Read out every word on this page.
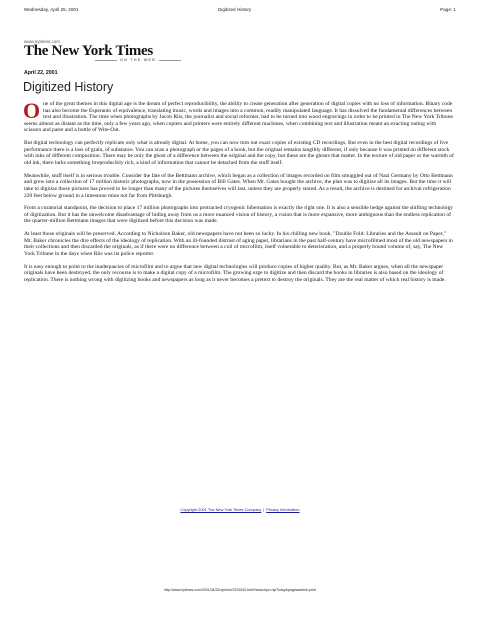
Wednesday, April 25, 2001	Digitized History	Page: 1
www.nytimes.com
The New York Times
ON THE WEB
April 22, 2001
Digitized History

One of the great themes in this digital age is the dream of perfect reproducibility, the ability to create generation after generation of digital copies with no loss of information. Binary code has also become the Esperanto of equivalence, translating music, words and images into a common, readily manipulated language. It has dissolved the fundamental differences between text and illustration. The time when photographs by Jacob Riis, the journalist and social reformer, had to be turned into wood engravings in order to be printed in The New York Tribune seems almost as distant as the time, only a few years ago, when copiers and printers were entirely different machines, when combining text and illustration meant an exacting outing with scissors and paste and a bottle of Wite-Out.

But digital technology can perfectly replicate only what is already digital. At home, you can now turn out exact copies of existing CD recordings. But even in the best digital recordings of live performance there is a loss of grain, of substance. You can scan a photograph or the pages of a book, but the original remains tangibly different, if only because it was printed on different stock with inks of different composition. There may be only the ghost of a difference between the original and the copy, but these are the ghosts that matter. In the texture of old paper or the warmth of old ink, there lurks something irreproducibly rich, a kind of information that cannot be detached from the stuff itself.

Meanwhile, stuff itself is in serious trouble. Consider the fate of the Bettmann archive, which began as a collection of images recorded on film smuggled out of Nazi Germany by Otto Bettmann and grew into a collection of 17 million historic photographs, now in the possession of Bill Gates. When Mr. Gates bought the archive, the plan was to digitize all its images. But the time it will take to digitize those pictures has proved to be longer than many of the pictures themselves will last, unless they are properly stored. As a result, the archive is destined for archival refrigeration 220 feet below ground in a limestone mine not far from Pittsburgh.

From a curatorial standpoint, the decision to place 17 million photographs into protracted cryogenic hibernation is exactly the right one. It is also a sensible hedge against the shifting technology of digitization. But it has the unwelcome disadvantage of hiding away from us a more nuanced vision of history, a vision that is more expansive, more ambiguous than the endless replication of the quarter-million Bettmann images that were digitized before this decision was made.

At least those originals will be preserved. According to Nicholson Baker, old newspapers have not been so lucky. In his chilling new book, "Double Fold: Libraries and the Assault on Paper," Mr. Baker chronicles the dire effects of the ideology of replication. With an ill-founded distrust of aging paper, librarians in the past half-century have microfilmed most of the old newspapers in their collections and then discarded the originals, as if there were no difference between a coil of microfilm, itself vulnerable to deterioration, and a properly bound volume of, say, The New York Tribune in the days when Riis was its police reporter.

It is easy enough to point to the inadequacies of microfilm and to argue that new digital technologies will produce copies of higher quality. But, as Mr. Baker argues, when all the newspaper originals have been destroyed, the only recourse is to make a digital copy of a microfilm. The growing urge to digitize and then discard the books in libraries is also based on the ideology of replication. There is nothing wrong with digitizing books and newspapers as long as it never becomes a pretext to destroy the originals. They are the real matter of which real history is made.

Copyright 2001 The New York Times Company | Privacy Information
http://www.nytimes.com/2001/04/22/opinion/22SUN3.html?searchpv=nytToday&pagewanted=print
